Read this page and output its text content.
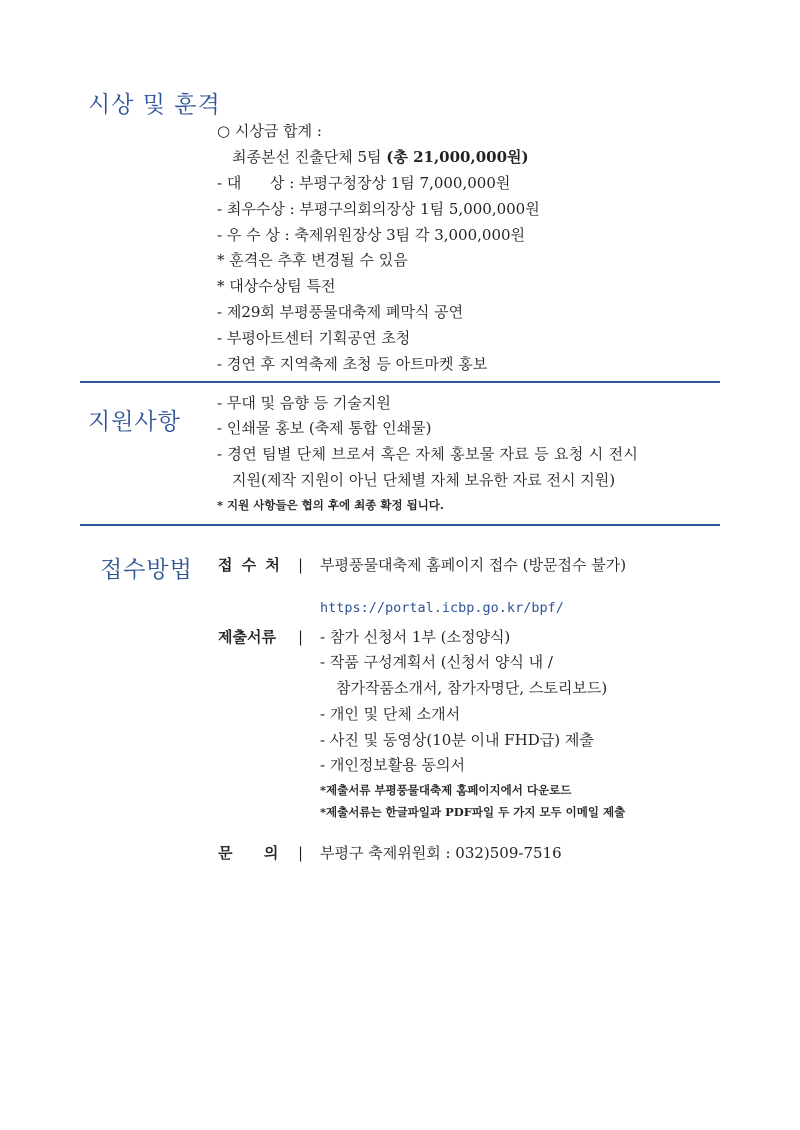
시상 및 훈격
○ 시상금 합계 :
최종본선 진출단체 5팀 (총 21,000,000원)
- 대      상 : 부평구청장상 1팀 7,000,000원
- 최우수상 : 부평구의회의장상 1팀 5,000,000원
- 우 수 상 : 축제위원장상 3팀 각 3,000,000원
* 훈격은 추후 변경될 수 있음
* 대상수상팀 특전
- 제29회 부평풍물대축제 폐막식 공연
- 부평아트센터 기획공연 초청
- 경연 후 지역축제 초청 등 아트마켓 홍보
지원사항
- 무대 및 음향 등 기술지원
- 인쇄물 홍보 (축제 통합 인쇄물)
- 경연 팀별 단체 브로셔 혹은 자체 홍보물 자료 등 요청 시 전시
지원(제작 지원이 아닌 단체별 자체 보유한 자료 전시 지원)
* 지원 사항들은 협의 후에 최종 확정 됩니다.
접수방법 접 수 처 | 부평풍물대축제 홈페이지 접수 (방문접수 불가)
https://portal.icbp.go.kr/bpf/
제출서류 | - 참가 신청서 1부 (소정양식)
- 작품 구성계획서 (신청서 양식 내 /
참가작품소개서, 참가자명단, 스토리보드)
- 개인 및 단체 소개서
- 사진 및 동영상(10분 이내 FHD급) 제출
- 개인정보활용 동의서
*제출서류 부평풍물대축제 홈페이지에서 다운로드
*제출서류는 한글파일과 PDF파일 두 가지 모두 이메일 제출
문      의 | 부평구 축제위원회 : 032)509-7516
